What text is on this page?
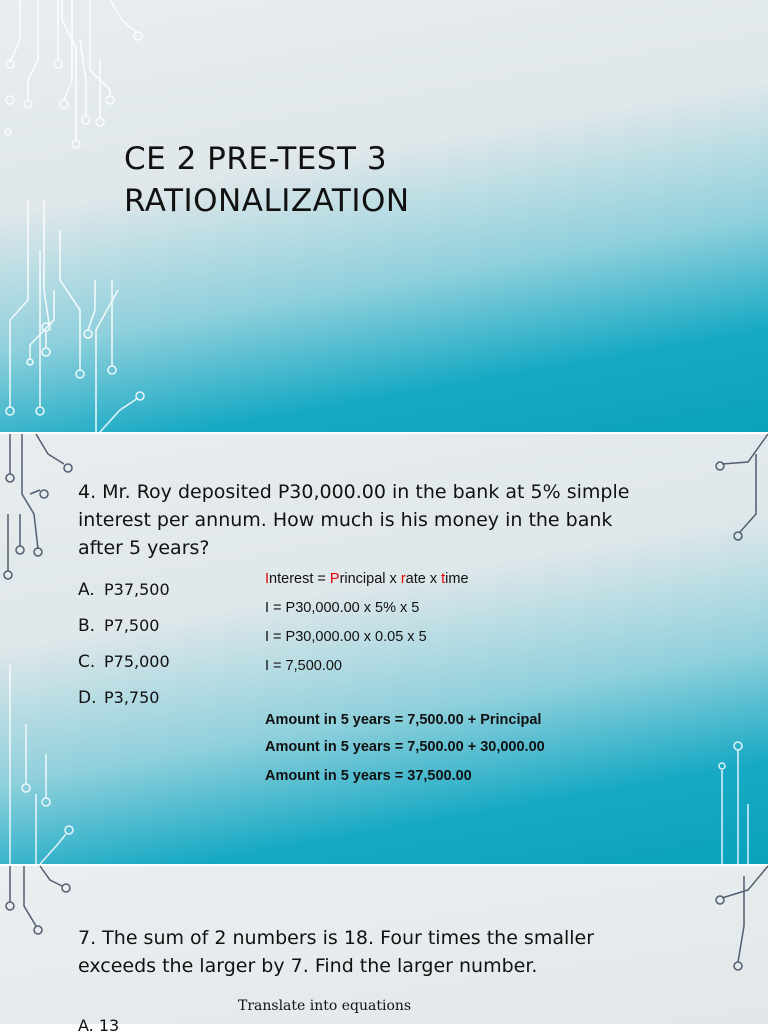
CE 2 PRE-TEST 3
RATIONALIZATION
4. Mr. Roy deposited P30,000.00 in the bank at 5% simple interest per annum. How much is his money in the bank after 5 years?
A. P37,500
B. P7,500
C. P75,000
D. P3,750
Interest = Principal x rate x time
I = P30,000.00 x 5% x 5
I = P30,000.00 x 0.05 x 5
I = 7,500.00
Amount in 5 years = 7,500.00 + Principal
Amount in 5 years = 7,500.00 + 30,000.00
Amount in 5 years = 37,500.00
7. The sum of 2 numbers is 18. Four times the smaller exceeds the larger by 7. Find the larger number.
Translate into equations
A. 13
